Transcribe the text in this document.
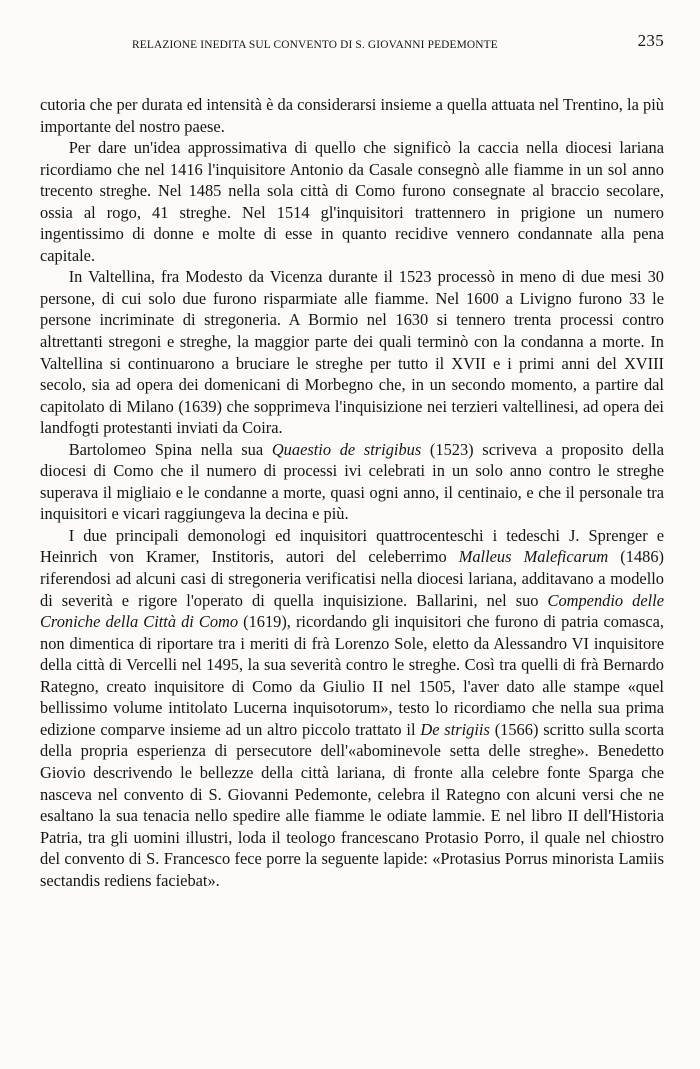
RELAZIONE INEDITA SUL CONVENTO DI S. GIOVANNI PEDEMONTE	235

cutoria che per durata ed intensità è da considerarsi insieme a quella attuata nel Trentino, la più importante del nostro paese.

Per dare un'idea approssimativa di quello che significò la caccia nella diocesi lariana ricordiamo che nel 1416 l'inquisitore Antonio da Casale consegnò alle fiamme in un sol anno trecento streghe. Nel 1485 nella sola città di Como furono consegnate al braccio secolare, ossia al rogo, 41 streghe. Nel 1514 gl'inquisitori trattennero in prigione un numero ingentissimo di donne e molte di esse in quanto recidive vennero condannate alla pena capitale.

In Valtellina, fra Modesto da Vicenza durante il 1523 processò in meno di due mesi 30 persone, di cui solo due furono risparmiate alle fiamme. Nel 1600 a Livigno furono 33 le persone incriminate di stregoneria. A Bormio nel 1630 si tennero trenta processi contro altrettanti stregoni e streghe, la maggior parte dei quali terminò con la condanna a morte. In Valtellina si continuarono a bruciare le streghe per tutto il XVII e i primi anni del XVIII secolo, sia ad opera dei domenicani di Morbegno che, in un secondo momento, a partire dal capitolato di Milano (1639) che sopprimeva l'inquisizione nei terzieri valtellinesi, ad opera dei landfogti protestanti inviati da Coira.

Bartolomeo Spina nella sua Quaestio de strigibus (1523) scriveva a proposito della diocesi di Como che il numero di processi ivi celebrati in un solo anno contro le streghe superava il migliaio e le condanne a morte, quasi ogni anno, il centinaio, e che il personale tra inquisitori e vicari raggiungeva la decina e più.

I due principali demonologi ed inquisitori quattrocenteschi i tedeschi J. Sprenger e Heinrich von Kramer, Institoris, autori del celeberrimo Malleus Maleficarum (1486) riferendosi ad alcuni casi di stregoneria verificatisi nella diocesi lariana, additavano a modello di severità e rigore l'operato di quella inquisizione. Ballarini, nel suo Compendio delle Croniche della Città di Como (1619), ricordando gli inquisitori che furono di patria comasca, non dimentica di riportare tra i meriti di frà Lorenzo Sole, eletto da Alessandro VI inquisitore della città di Vercelli nel 1495, la sua severità contro le streghe. Così tra quelli di frà Bernardo Rategno, creato inquisitore di Como da Giulio II nel 1505, l'aver dato alle stampe «quel bellissimo volume intitolato Lucerna inquisotorum», testo lo ricordiamo che nella sua prima edizione comparve insieme ad un altro piccolo trattato il De strigiis (1566) scritto sulla scorta della propria esperienza di persecutore dell'«abominevole setta delle streghe». Benedetto Giovio descrivendo le bellezze della città lariana, di fronte alla celebre fonte Sparga che nasceva nel convento di S. Giovanni Pedemonte, celebra il Rategno con alcuni versi che ne esaltano la sua tenacia nello spedire alle fiamme le odiate lammie. E nel libro II dell'Historia Patria, tra gli uomini illustri, loda il teologo francescano Protasio Porro, il quale nel chiostro del convento di S. Francesco fece porre la seguente lapide: «Protasius Porrus minorista Lamiis sectandis rediens faciebat».
